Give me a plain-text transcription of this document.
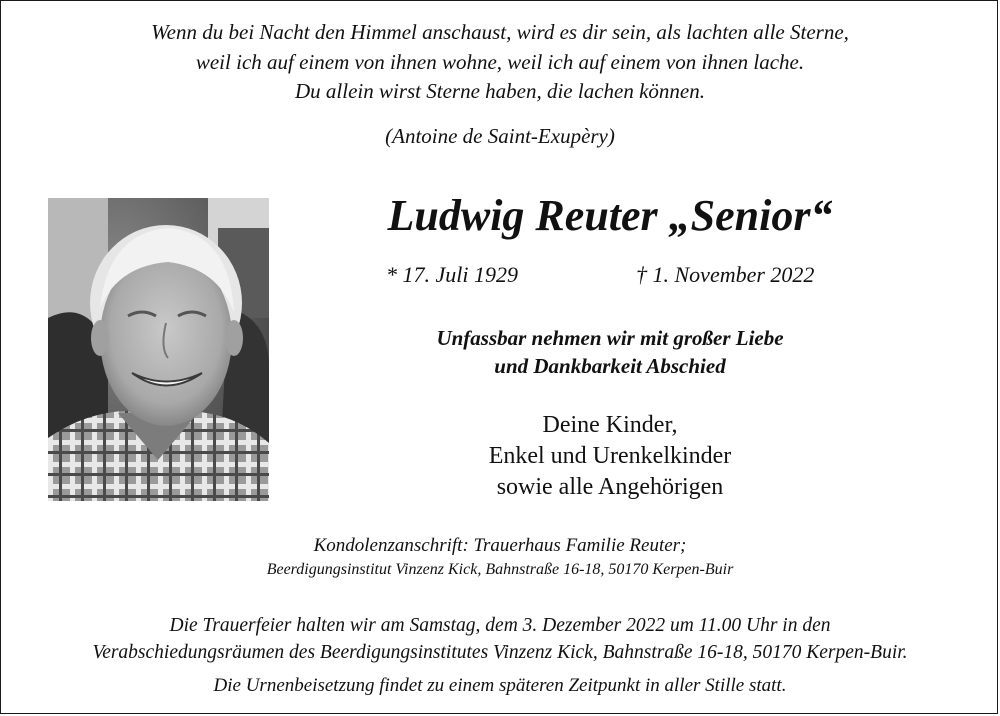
Wenn du bei Nacht den Himmel anschaust, wird es dir sein, als lachten alle Sterne,
weil ich auf einem von ihnen wohne, weil ich auf einem von ihnen lache.
Du allein wirst Sterne haben, die lachen können.
(Antoine de Saint-Exupèry)
Ludwig Reuter „Senior“
* 17. Juli 1929	† 1. November 2022
Unfassbar nehmen wir mit großer Liebe
und Dankbarkeit Abschied
Deine Kinder,
Enkel und Urenkelkinder
sowie alle Angehörigen
Kondolenzanschrift: Trauerhaus Familie Reuter;
Beerdigungsinstitut Vinzenz Kick, Bahnstraße 16-18, 50170 Kerpen-Buir
Die Trauerfeier halten wir am Samstag, dem 3. Dezember 2022 um 11.00 Uhr in den
Verabschiedungsräumen des Beerdigungsinstitutes Vinzenz Kick, Bahnstraße 16-18, 50170 Kerpen-Buir.
Die Urnenbeisetzung findet zu einem späteren Zeitpunkt in aller Stille statt.
